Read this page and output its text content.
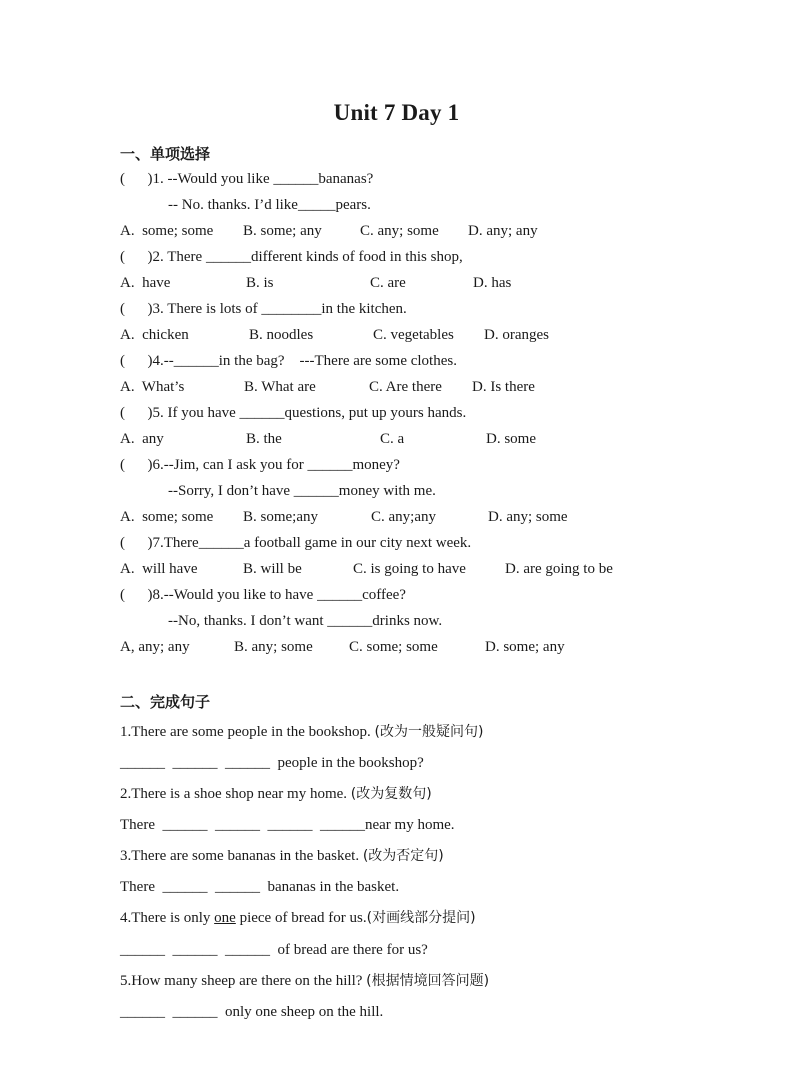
Unit 7 Day 1
一、单项选择
(      )1. --Would you like ______bananas?
-- No. thanks. I’d like_____pears.
A.  some; some B. some; any	C. any; some D. any; any
(      )2. There ______different kinds of food in this shop,
A.  have	B. is	C. are	D. has
(      )3. There is lots of ________in the kitchen.
A.  chicken	B. noodles	C. vegetables D. oranges
(      )4.--______in the bag?    ---There are some clothes.
A.  What’s	B. What are	C. Are there D. Is there
(      )5. If you have ______questions, put up yours hands.
A.  any	B. the	C. a	D. some
(      )6.--Jim, can I ask you for ______money?
--Sorry, I don’t have ______money with me.
A.  some; some B. some;any	C. any;any	D. any; some
(      )7.There______a football game in our city next week.
A.  will have	B. will be	C. is going to have	D. are going to be
(      )8.--Would you like to have ______coffee?
--No, thanks. I don’t want ______drinks now.
A, any; any	B. any; some C. some; some	D. some; any
二、完成句子
1.There are some people in the bookshop. (改为一般疑问句)
______  ______  ______  people in the bookshop?
2.There is a shoe shop near my home. (改为复数句)
There  ______  ______  ______  ______near my home.
3.There are some bananas in the basket. (改为否定句)
There  ______  ______  bananas in the basket.
4.There is only one piece of bread for us.(对画线部分提问)
______  ______  ______  of bread are there for us?
5.How many sheep are there on the hill? (根据情境回答问题)
______  ______  only one sheep on the hill.
